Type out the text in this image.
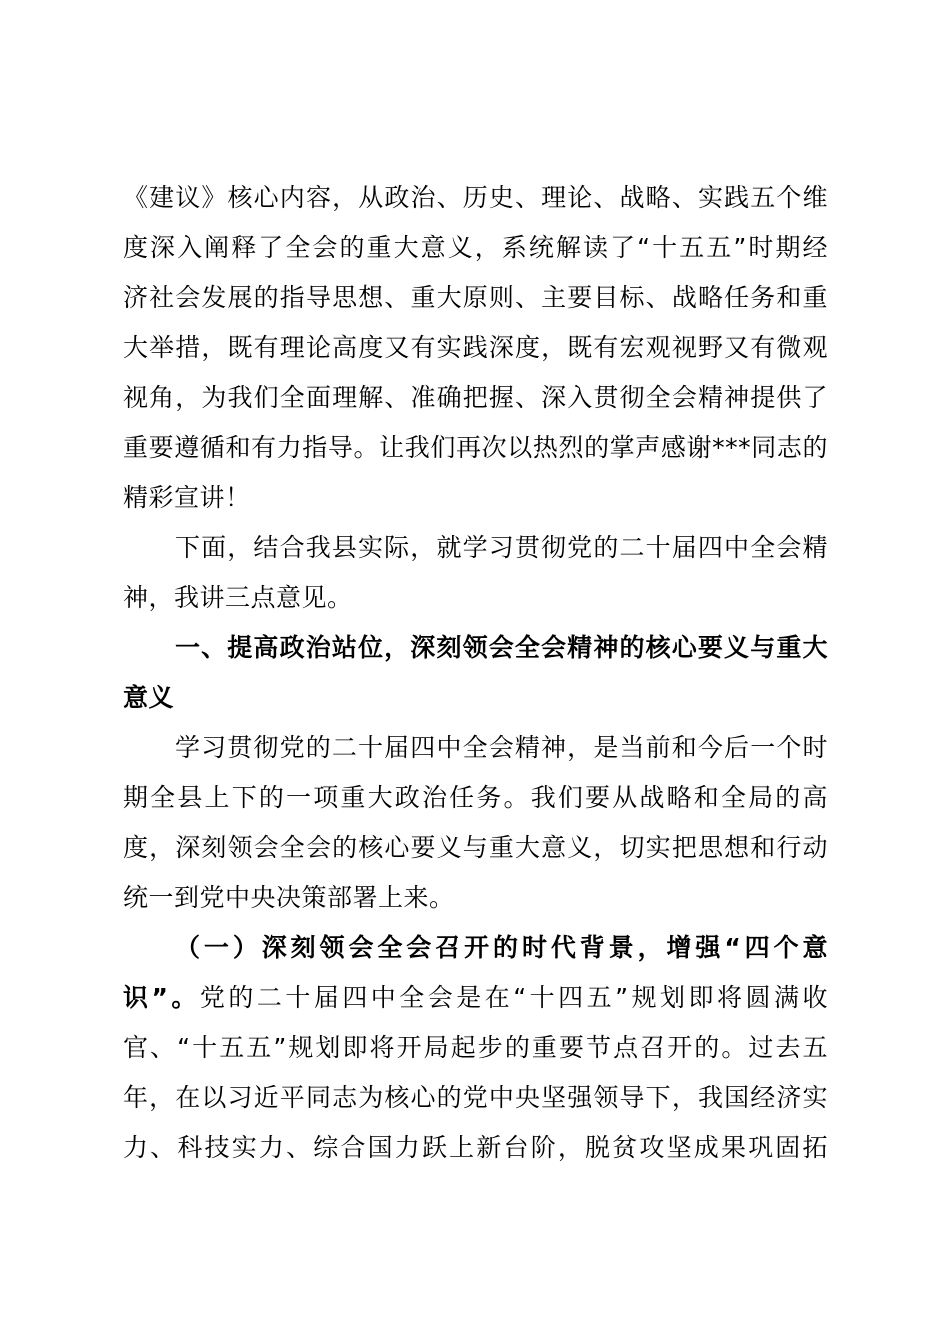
《建议》核心内容，从政治、历史、理论、战略、实践五个维
度深入阐释了全会的重大意义，系统解读了“十五五”时期经
济社会发展的指导思想、重大原则、主要目标、战略任务和重
大举措，既有理论高度又有实践深度，既有宏观视野又有微观
视角，为我们全面理解、准确把握、深入贯彻全会精神提供了
重要遵循和有力指导。让我们再次以热烈的掌声感谢***同志的
精彩宣讲！
下面，结合我县实际，就学习贯彻党的二十届四中全会精
神，我讲三点意见。
一、提高政治站位，深刻领会全会精神的核心要义与重大
意义
学习贯彻党的二十届四中全会精神，是当前和今后一个时
期全县上下的一项重大政治任务。我们要从战略和全局的高
度，深刻领会全会的核心要义与重大意义，切实把思想和行动
统一到党中央决策部署上来。
（一）深刻领会全会召开的时代背景，增强“四个意
识”。党的二十届四中全会是在“十四五”规划即将圆满收
官、“十五五”规划即将开局起步的重要节点召开的。过去五
年，在以习近平同志为核心的党中央坚强领导下，我国经济实
力、科技实力、综合国力跃上新台阶，脱贫攻坚成果巩固拓
